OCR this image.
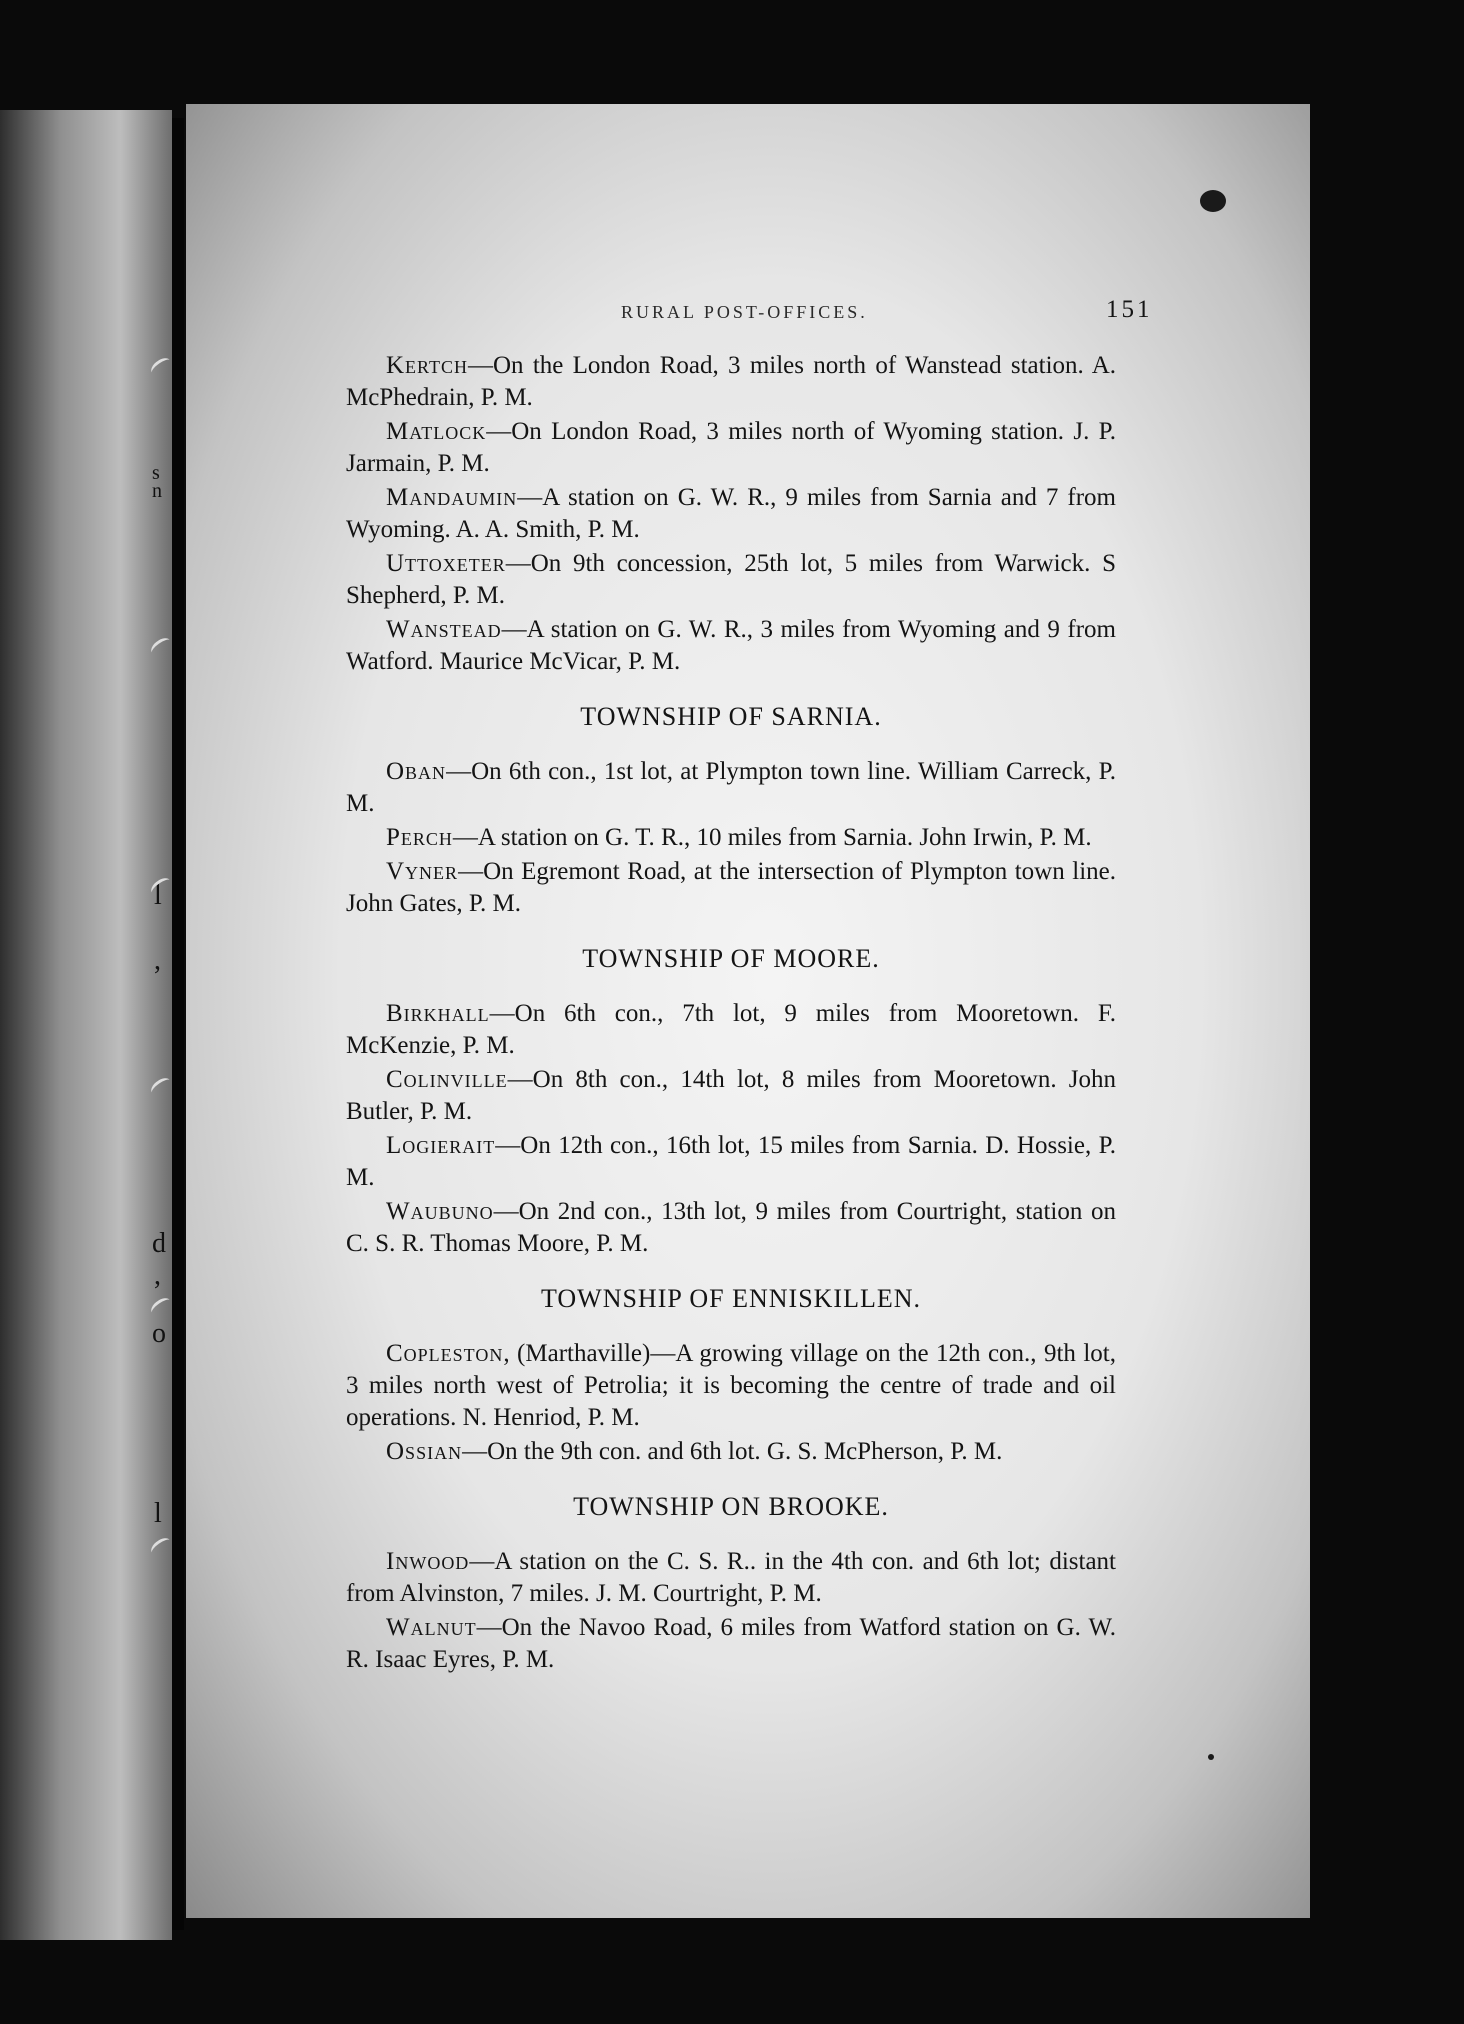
s
n
l
,
d
,
o
l
RURAL POST-OFFICES.	151

Kertch—On the London Road, 3 miles north of Wanstead station. A. McPhedrain, P. M.

Matlock—On London Road, 3 miles north of Wyoming station. J. P. Jarmain, P. M.

Mandaumin—A station on G. W. R., 9 miles from Sarnia and 7 from Wyoming. A. A. Smith, P. M.

Uttoxeter—On 9th concession, 25th lot, 5 miles from Warwick. S Shepherd, P. M.

Wanstead—A station on G. W. R., 3 miles from Wyoming and 9 from Watford. Maurice McVicar, P. M.

TOWNSHIP OF SARNIA.

Oban—On 6th con., 1st lot, at Plympton town line. William Carreck, P. M.

Perch—A station on G. T. R., 10 miles from Sarnia. John Irwin, P. M.

Vyner—On Egremont Road, at the intersection of Plympton town line. John Gates, P. M.

TOWNSHIP OF MOORE.

Birkhall—On 6th con., 7th lot, 9 miles from Mooretown. F. McKenzie, P. M.

Colinville—On 8th con., 14th lot, 8 miles from Mooretown. John Butler, P. M.

Logierait—On 12th con., 16th lot, 15 miles from Sarnia. D. Hossie, P. M.

Waubuno—On 2nd con., 13th lot, 9 miles from Courtright, station on C. S. R. Thomas Moore, P. M.

TOWNSHIP OF ENNISKILLEN.

Copleston, (Marthaville)—A growing village on the 12th con., 9th lot, 3 miles north west of Petrolia; it is becoming the centre of trade and oil operations. N. Henriod, P. M.

Ossian—On the 9th con. and 6th lot. G. S. McPherson, P. M.

TOWNSHIP ON BROOKE.

Inwood—A station on the C. S. R.. in the 4th con. and 6th lot; distant from Alvinston, 7 miles. J. M. Courtright, P. M.

Walnut—On the Navoo Road, 6 miles from Watford station on G. W. R. Isaac Eyres, P. M.
